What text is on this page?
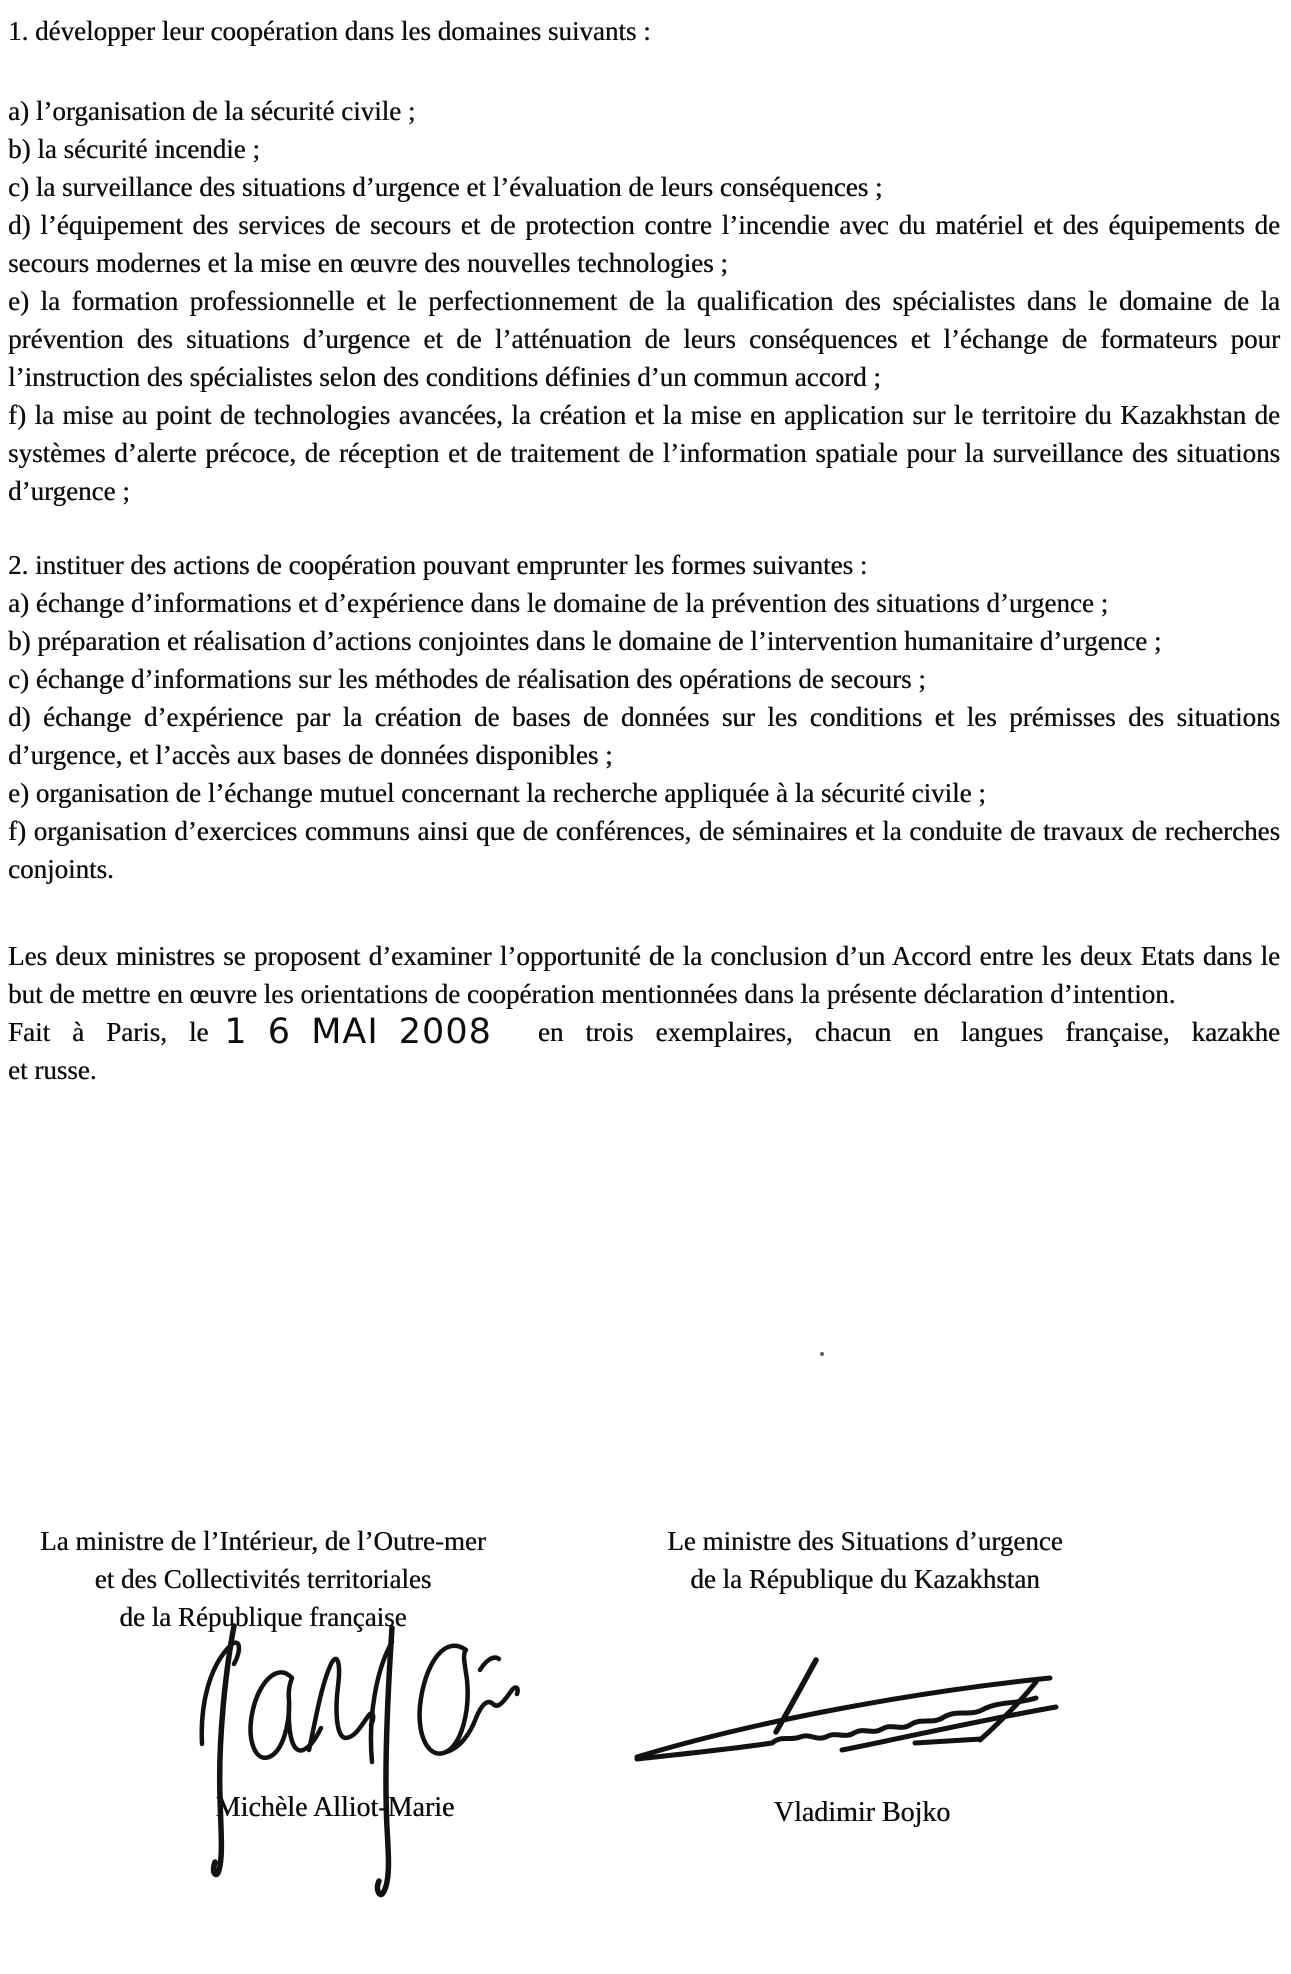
1. développer leur coopération dans les domaines suivants :

a) l’organisation de la sécurité civile ;

b) la sécurité incendie ;

c) la surveillance des situations d’urgence et l’évaluation de leurs conséquences ;

d) l’équipement des services de secours et de protection contre l’incendie avec du matériel et des équipements de secours modernes et la mise en œuvre des nouvelles technologies ;

e) la formation professionnelle et le perfectionnement de la qualification des spécialistes dans le domaine de la prévention des situations d’urgence et de l’atténuation de leurs conséquences et l’échange de formateurs pour l’instruction des spécialistes selon des conditions définies d’un commun accord ;

f) la mise au point de technologies avancées, la création et la mise en application sur le territoire du Kazakhstan de systèmes d’alerte précoce, de réception et de traitement de l’information spatiale pour la surveillance des situations d’urgence ;

2. instituer des actions de coopération pouvant emprunter les formes suivantes :

a) échange d’informations et d’expérience dans le domaine de la prévention des situations d’urgence ;

b) préparation et réalisation d’actions conjointes dans le domaine de l’intervention humanitaire d’urgence ;

c) échange d’informations sur les méthodes de réalisation des opérations de secours ;

d) échange d’expérience par la création de bases de données sur les conditions et les prémisses des situations d’urgence, et l’accès aux bases de données disponibles ;

e) organisation de l’échange mutuel concernant la recherche appliquée à la sécurité civile ;

f) organisation d’exercices communs ainsi que de conférences, de séminaires et la conduite de travaux de recherches conjoints.

Les deux ministres se proposent d’examiner l’opportunité de la conclusion d’un Accord entre les deux Etats dans le but de mettre en œuvre les orientations de coopération mentionnées dans la présente déclaration d’intention.

Fait à Paris, le 1 6 MAI 2008 en trois exemplaires, chacun en langues française, kazakhe

et russe.

La ministre de l’Intérieur, de l’Outre-mer
et des Collectivités territoriales
de la République française
Michèle Alliot-Marie
Le ministre des Situations d’urgence
de la République du Kazakhstan
Vladimir Bojko
